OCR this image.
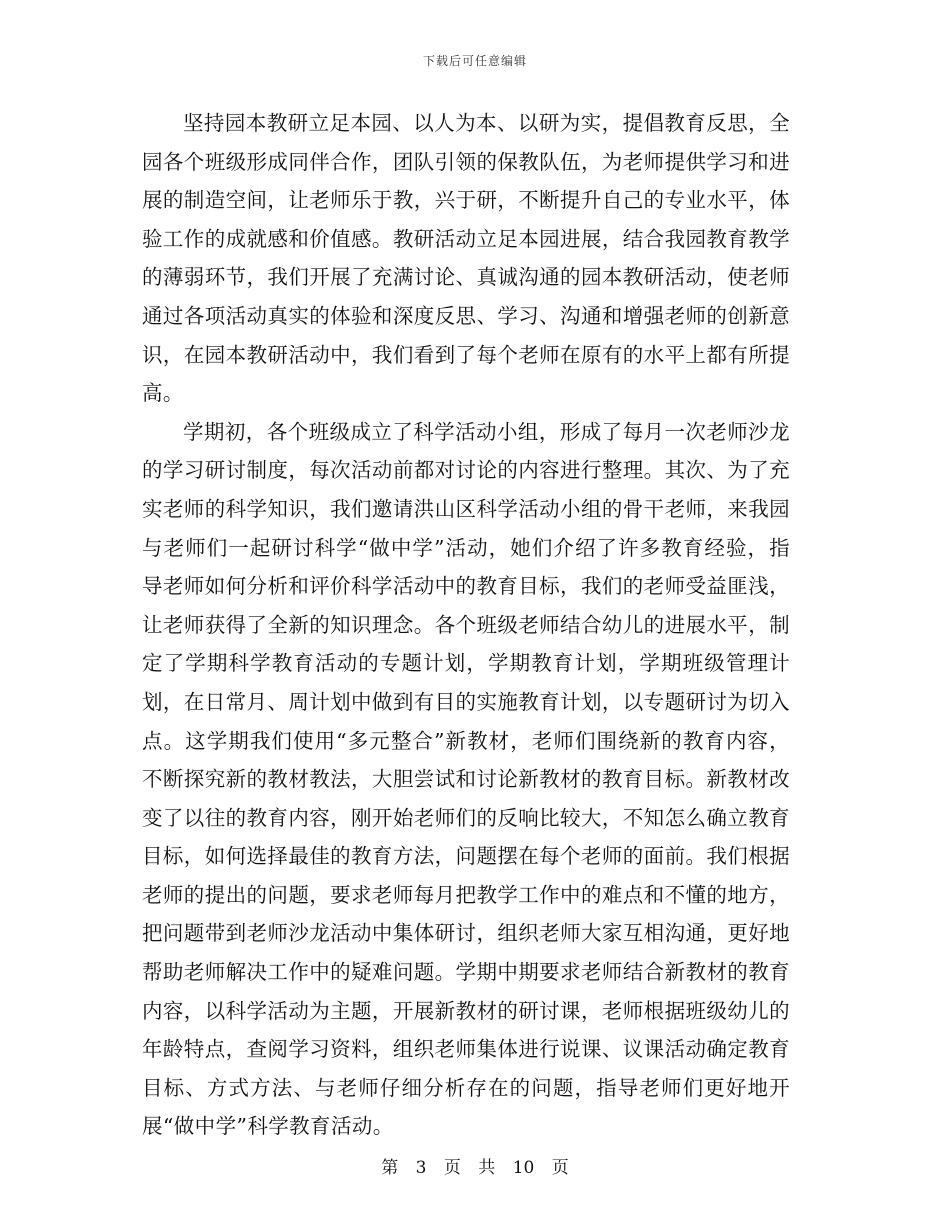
下载后可任意编辑

坚持园本教研立足本园、以人为本、以研为实，提倡教育反思，全园各个班级形成同伴合作，团队引领的保教队伍，为老师提供学习和进展的制造空间，让老师乐于教，兴于研，不断提升自己的专业水平，体验工作的成就感和价值感。教研活动立足本园进展，结合我园教育教学的薄弱环节，我们开展了充满讨论、真诚沟通的园本教研活动，使老师通过各项活动真实的体验和深度反思、学习、沟通和增强老师的创新意识，在园本教研活动中，我们看到了每个老师在原有的水平上都有所提高。

学期初，各个班级成立了科学活动小组，形成了每月一次老师沙龙的学习研讨制度，每次活动前都对讨论的内容进行整理。其次、为了充实老师的科学知识，我们邀请洪山区科学活动小组的骨干老师，来我园与老师们一起研讨科学“做中学”活动，她们介绍了许多教育经验，指导老师如何分析和评价科学活动中的教育目标，我们的老师受益匪浅，让老师获得了全新的知识理念。各个班级老师结合幼儿的进展水平，制定了学期科学教育活动的专题计划，学期教育计划，学期班级管理计划，在日常月、周计划中做到有目的实施教育计划，以专题研讨为切入点。这学期我们使用“多元整合”新教材，老师们围绕新的教育内容，不断探究新的教材教法，大胆尝试和讨论新教材的教育目标。新教材改变了以往的教育内容，刚开始老师们的反响比较大，不知怎么确立教育目标，如何选择最佳的教育方法，问题摆在每个老师的面前。我们根据老师的提出的问题，要求老师每月把教学工作中的难点和不懂的地方，把问题带到老师沙龙活动中集体研讨，组织老师大家互相沟通，更好地帮助老师解决工作中的疑难问题。学期中期要求老师结合新教材的教育内容，以科学活动为主题，开展新教材的研讨课，老师根据班级幼儿的年龄特点，查阅学习资料，组织老师集体进行说课、议课活动确定教育目标、方式方法、与老师仔细分析存在的问题，指导老师们更好地开展“做中学”科学教育活动。

第 3 页 共 10 页
